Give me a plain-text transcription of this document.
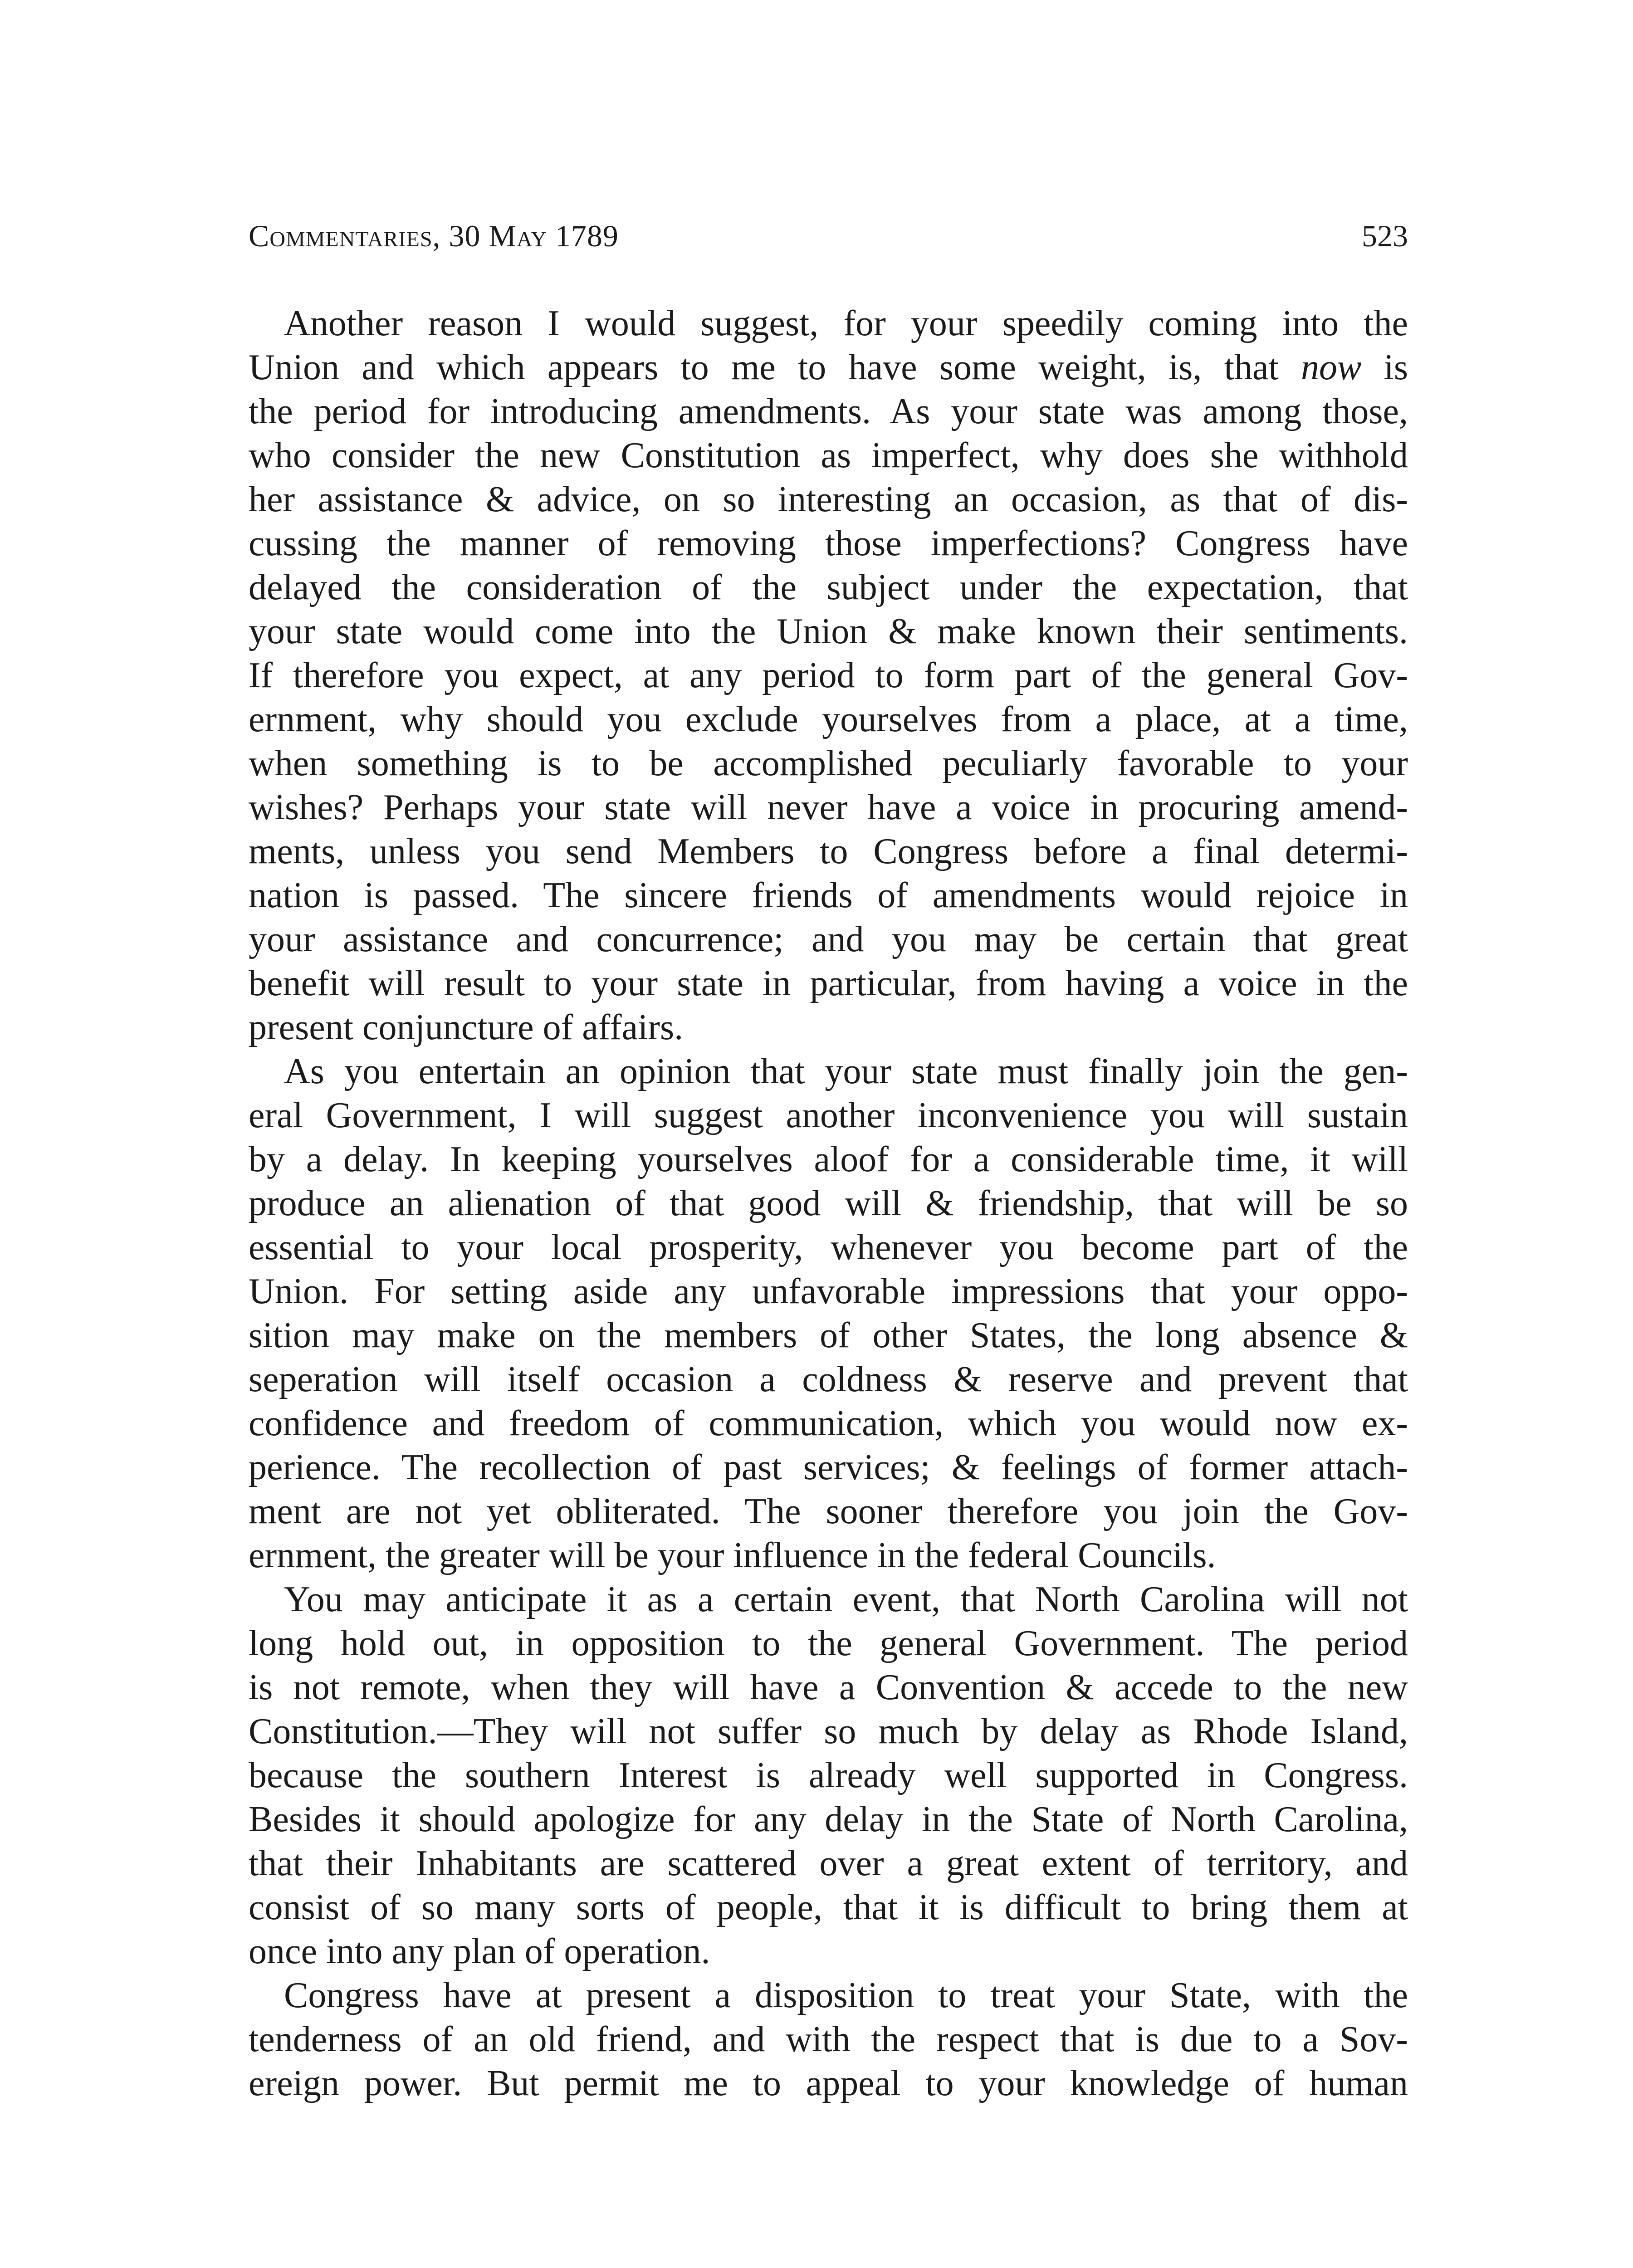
Commentaries, 30 May 1789	523
Another reason I would suggest, for your speedily coming into the
Union and which appears to me to have some weight, is, that now is
the period for introducing amendments. As your state was among those,
who consider the new Constitution as imperfect, why does she withhold
her assistance & advice, on so interesting an occasion, as that of dis-
cussing the manner of removing those imperfections? Congress have
delayed the consideration of the subject under the expectation, that
your state would come into the Union & make known their sentiments.
If therefore you expect, at any period to form part of the general Gov-
ernment, why should you exclude yourselves from a place, at a time,
when something is to be accomplished peculiarly favorable to your
wishes? Perhaps your state will never have a voice in procuring amend-
ments, unless you send Members to Congress before a final determi-
nation is passed. The sincere friends of amendments would rejoice in
your assistance and concurrence; and you may be certain that great
benefit will result to your state in particular, from having a voice in the
present conjuncture of affairs.
As you entertain an opinion that your state must finally join the gen-
eral Government, I will suggest another inconvenience you will sustain
by a delay. In keeping yourselves aloof for a considerable time, it will
produce an alienation of that good will & friendship, that will be so
essential to your local prosperity, whenever you become part of the
Union. For setting aside any unfavorable impressions that your oppo-
sition may make on the members of other States, the long absence &
seperation will itself occasion a coldness & reserve and prevent that
confidence and freedom of communication, which you would now ex-
perience. The recollection of past services; & feelings of former attach-
ment are not yet obliterated. The sooner therefore you join the Gov-
ernment, the greater will be your influence in the federal Councils.
You may anticipate it as a certain event, that North Carolina will not
long hold out, in opposition to the general Government. The period
is not remote, when they will have a Convention & accede to the new
Constitution.—They will not suffer so much by delay as Rhode Island,
because the southern Interest is already well supported in Congress.
Besides it should apologize for any delay in the State of North Carolina,
that their Inhabitants are scattered over a great extent of territory, and
consist of so many sorts of people, that it is difficult to bring them at
once into any plan of operation.
Congress have at present a disposition to treat your State, with the
tenderness of an old friend, and with the respect that is due to a Sov-
ereign power. But permit me to appeal to your knowledge of human
